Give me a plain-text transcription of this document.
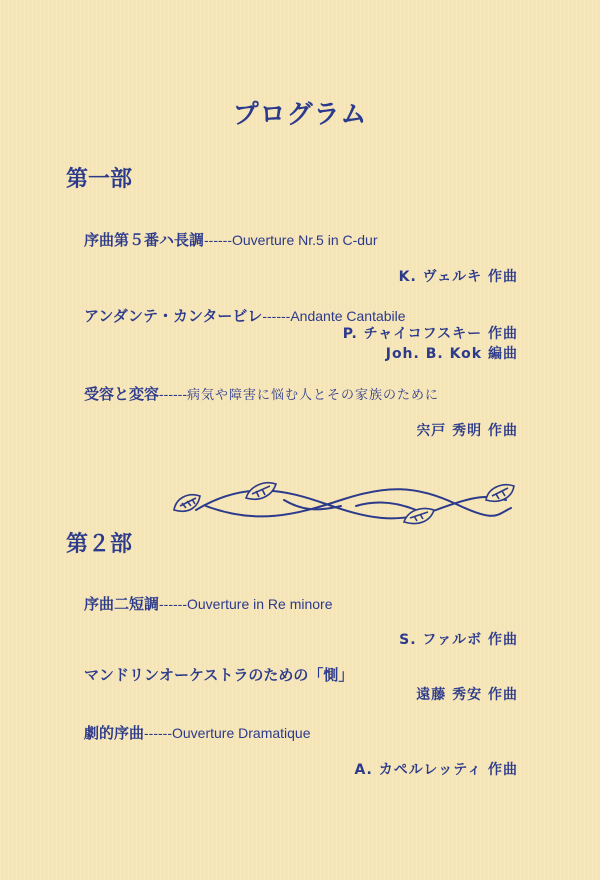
プログラム
第一部
序曲第５番ハ長調------Ouverture Nr.5 in C-dur
K. ヴェルキ 作曲
アンダンテ・カンタービレ------Andante Cantabile
P. チャイコフスキー 作曲
Joh. B. Kok 編曲
受容と変容------病気や障害に悩む人とその家族のために
宍戸 秀明 作曲
第２部
序曲二短調------Ouverture in Re minore
S. ファルボ 作曲
マンドリンオーケストラのための「惻」
遠藤 秀安 作曲
劇的序曲------Ouverture Dramatique
A. カペルレッティ 作曲
